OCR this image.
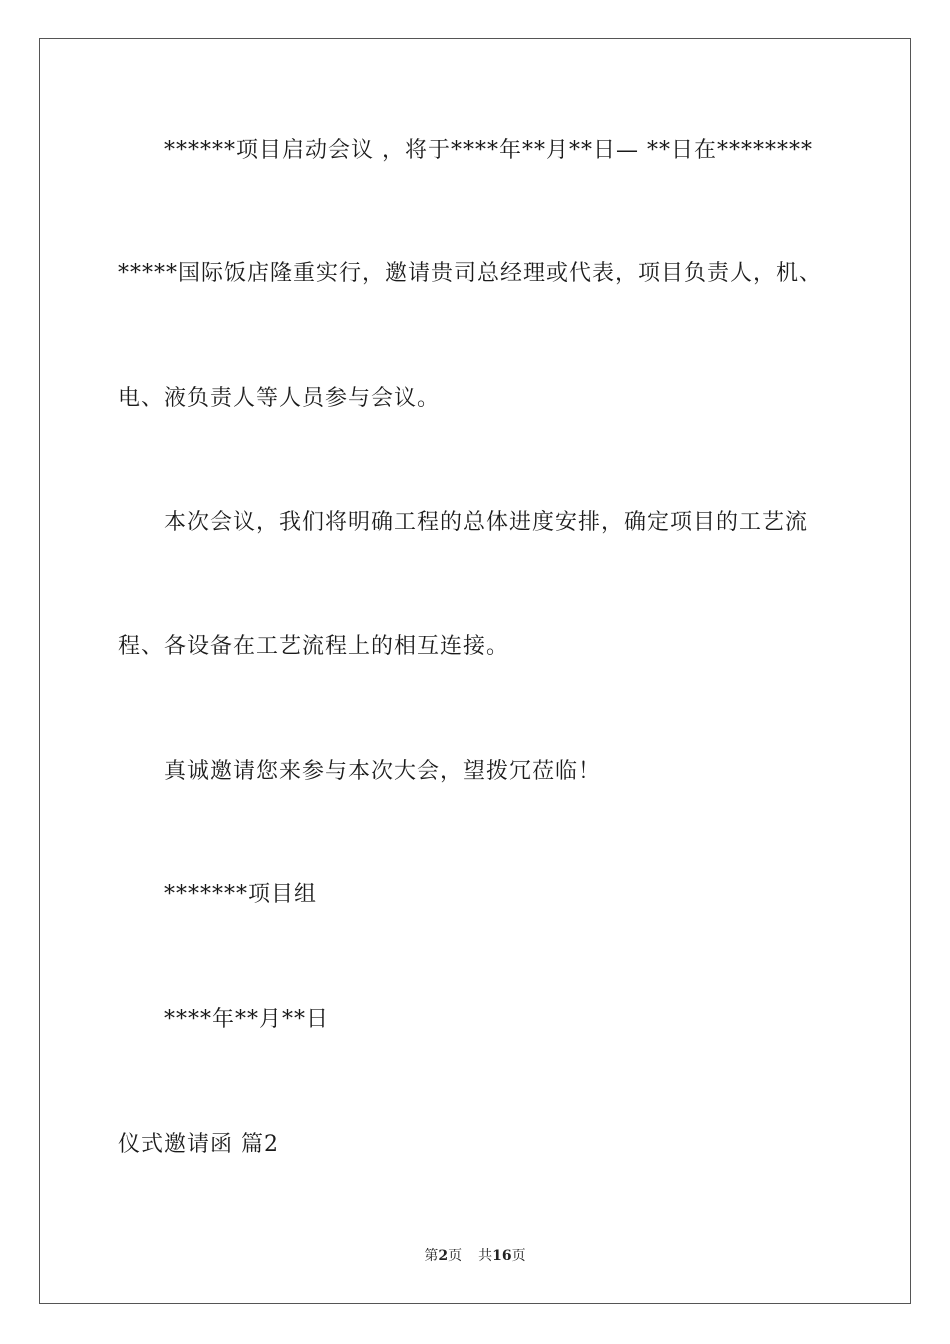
******项目启动会议 ，将于****年**月**日— **日在********
*****国际饭店隆重实行，邀请贵司总经理或代表，项目负责人，机、
电、液负责人等人员参与会议。
本次会议，我们将明确工程的总体进度安排，确定项目的工艺流
程、各设备在工艺流程上的相互连接。
真诚邀请您来参与本次大会，望拨冗莅临！
*******项目组
****年**月**日
仪式邀请函 篇2
第2页 共16页
